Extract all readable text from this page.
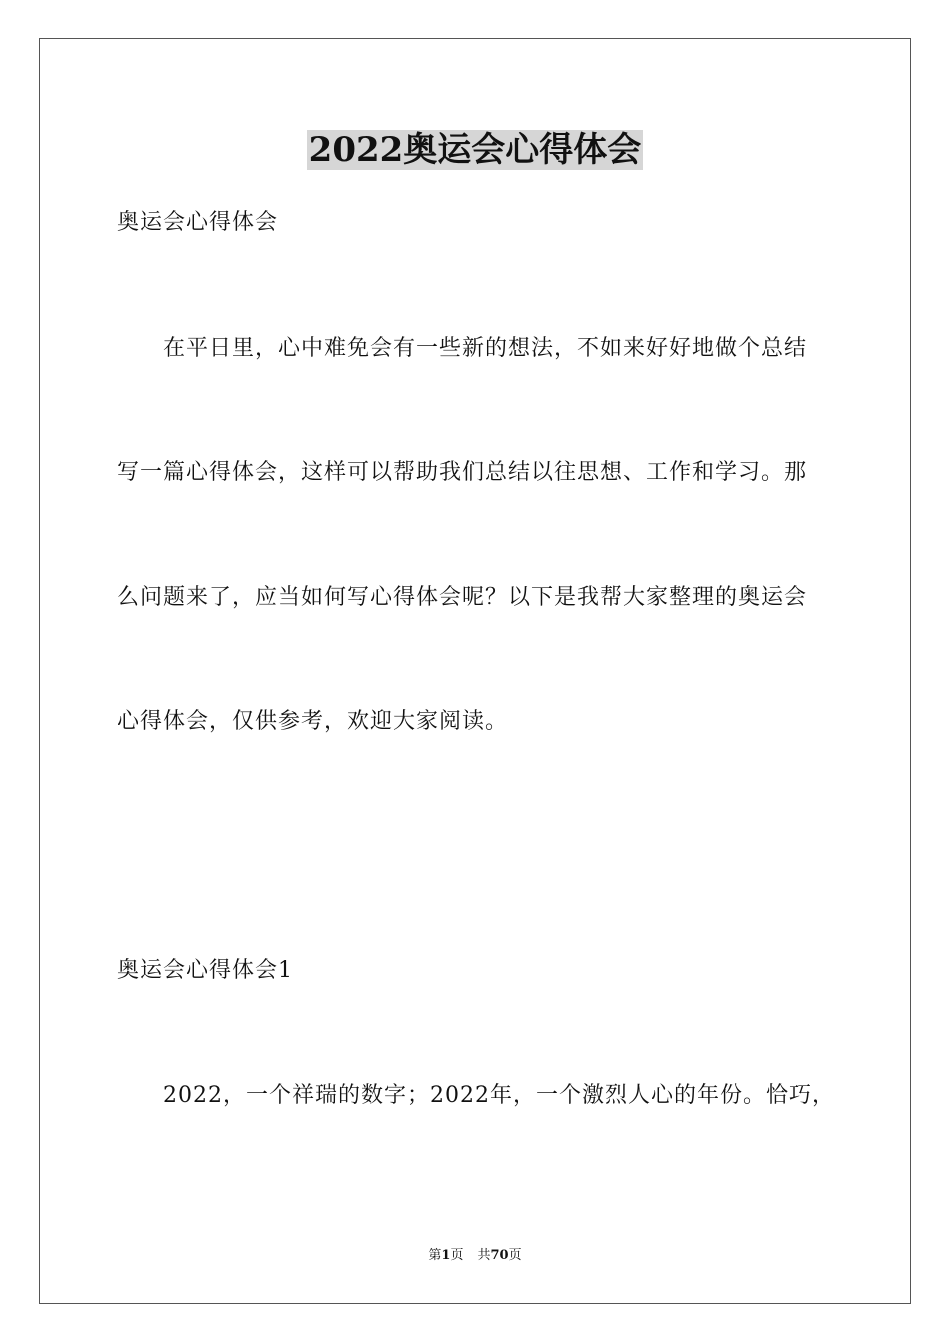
2022奥运会心得体会
奥运会心得体会
在平日里，心中难免会有一些新的想法，不如来好好地做个总结
写一篇心得体会，这样可以帮助我们总结以往思想、工作和学习。那
么问题来了，应当如何写心得体会呢？以下是我帮大家整理的奥运会
心得体会，仅供参考，欢迎大家阅读。
奥运会心得体会1
2022，一个祥瑞的数字；2022年，一个激烈人心的年份。恰巧，
第1页 共70页
